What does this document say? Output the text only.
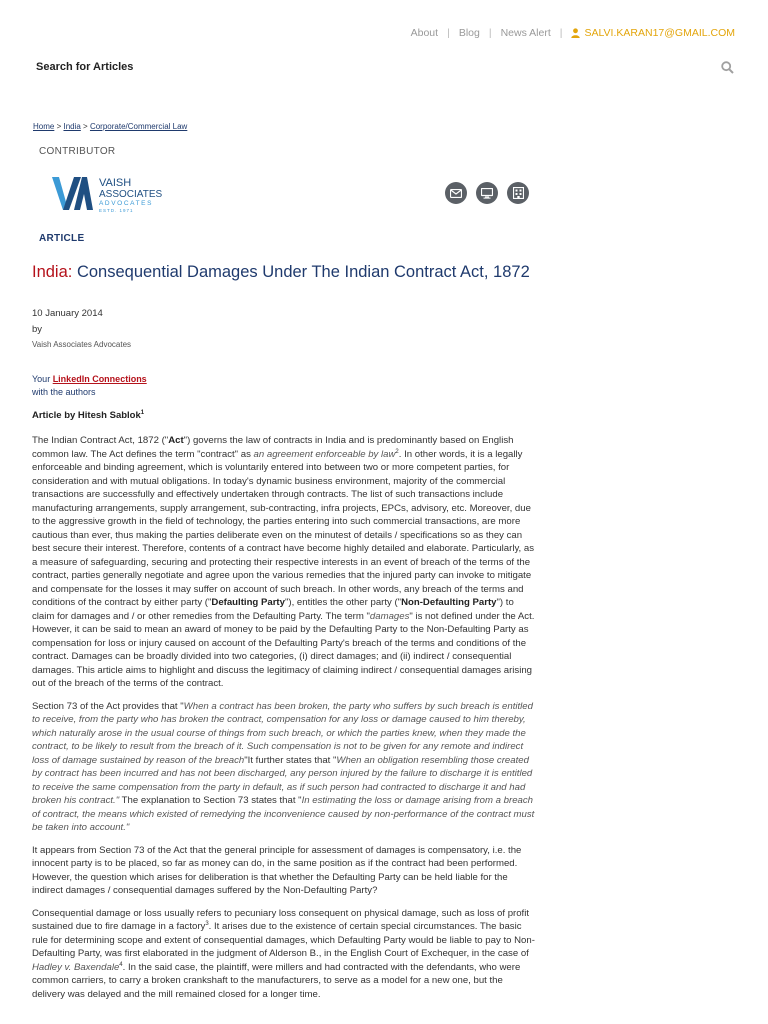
About | Blog | News Alert | SALVI.KARAN17@GMAIL.COM
Search for Articles
Home > India > Corporate/Commercial Law
CONTRIBUTOR
VAISH
ASSOCIATES
ADVOCATES
ESTD. 1971
ARTICLE
India: Consequential Damages Under The Indian Contract Act, 1872
10 January 2014
by
Vaish Associates Advocates
Your LinkedIn Connections
with the authors
Article by Hitesh Sablok$^1$

The Indian Contract Act, 1872 ("Act") governs the law of contracts in India and is predominantly based on English common law. The Act defines the term "contract" as an agreement enforceable by law$^2$. In other words, it is a legally enforceable and binding agreement, which is voluntarily entered into between two or more competent parties, for consideration and with mutual obligations. In today's dynamic business environment, majority of the commercial transactions are successfully and effectively undertaken through contracts. The list of such transactions include manufacturing arrangements, supply arrangement, sub-contracting, infra projects, EPCs, advisory, etc. Moreover, due to the aggressive growth in the field of technology, the parties entering into such commercial transactions, are more cautious than ever, thus making the parties deliberate even on the minutest of details / specifications so as they can best secure their interest. Therefore, contents of a contract have become highly detailed and elaborate. Particularly, as a measure of safeguarding, securing and protecting their respective interests in an event of breach of the terms of the contract, parties generally negotiate and agree upon the various remedies that the injured party can invoke to mitigate and compensate for the losses it may suffer on account of such breach. In other words, any breach of the terms and conditions of the contract by either party ("Defaulting Party"), entitles the other party ("Non-Defaulting Party") to claim for damages and / or other remedies from the Defaulting Party. The term "damages" is not defined under the Act. However, it can be said to mean an award of money to be paid by the Defaulting Party to the Non-Defaulting Party as compensation for loss or injury caused on account of the Defaulting Party's breach of the terms and conditions of the contract. Damages can be broadly divided into two categories, (i) direct damages; and (ii) indirect / consequential damages. This article aims to highlight and discuss the legitimacy of claiming indirect / consequential damages arising out of the breach of the terms of the contract.

Section 73 of the Act provides that "When a contract has been broken, the party who suffers by such breach is entitled to receive, from the party who has broken the contract, compensation for any loss or damage caused to him thereby, which naturally arose in the usual course of things from such breach, or which the parties knew, when they made the contract, to be likely to result from the breach of it. Such compensation is not to be given for any remote and indirect loss of damage sustained by reason of the breach"It further states that "When an obligation resembling those created by contract has been incurred and has not been discharged, any person injured by the failure to discharge it is entitled to receive the same compensation from the party in default, as if such person had contracted to discharge it and had broken his contract." The explanation to Section 73 states that "In estimating the loss or damage arising from a breach of contract, the means which existed of remedying the inconvenience caused by non-performance of the contract must be taken into account."

It appears from Section 73 of the Act that the general principle for assessment of damages is compensatory, i.e. the innocent party is to be placed, so far as money can do, in the same position as if the contract had been performed. However, the question which arises for deliberation is that whether the Defaulting Party can be held liable for the indirect damages / consequential damages suffered by the Non-Defaulting Party?

Consequential damage or loss usually refers to pecuniary loss consequent on physical damage, such as loss of profit sustained due to fire damage in a factory$^3$. It arises due to the existence of certain special circumstances. The basic rule for determining scope and extent of consequential damages, which Defaulting Party would be liable to pay to Non-Defaulting Party, was first elaborated in the judgment of Alderson B., in the English Court of Exchequer, in the case of Hadley v. Baxendale$^4$. In the said case, the plaintiff, were millers and had contracted with the defendants, who were common carriers, to carry a broken crankshaft to the manufacturers, to serve as a model for a new one, but the delivery was delayed and the mill remained closed for a longer time.
